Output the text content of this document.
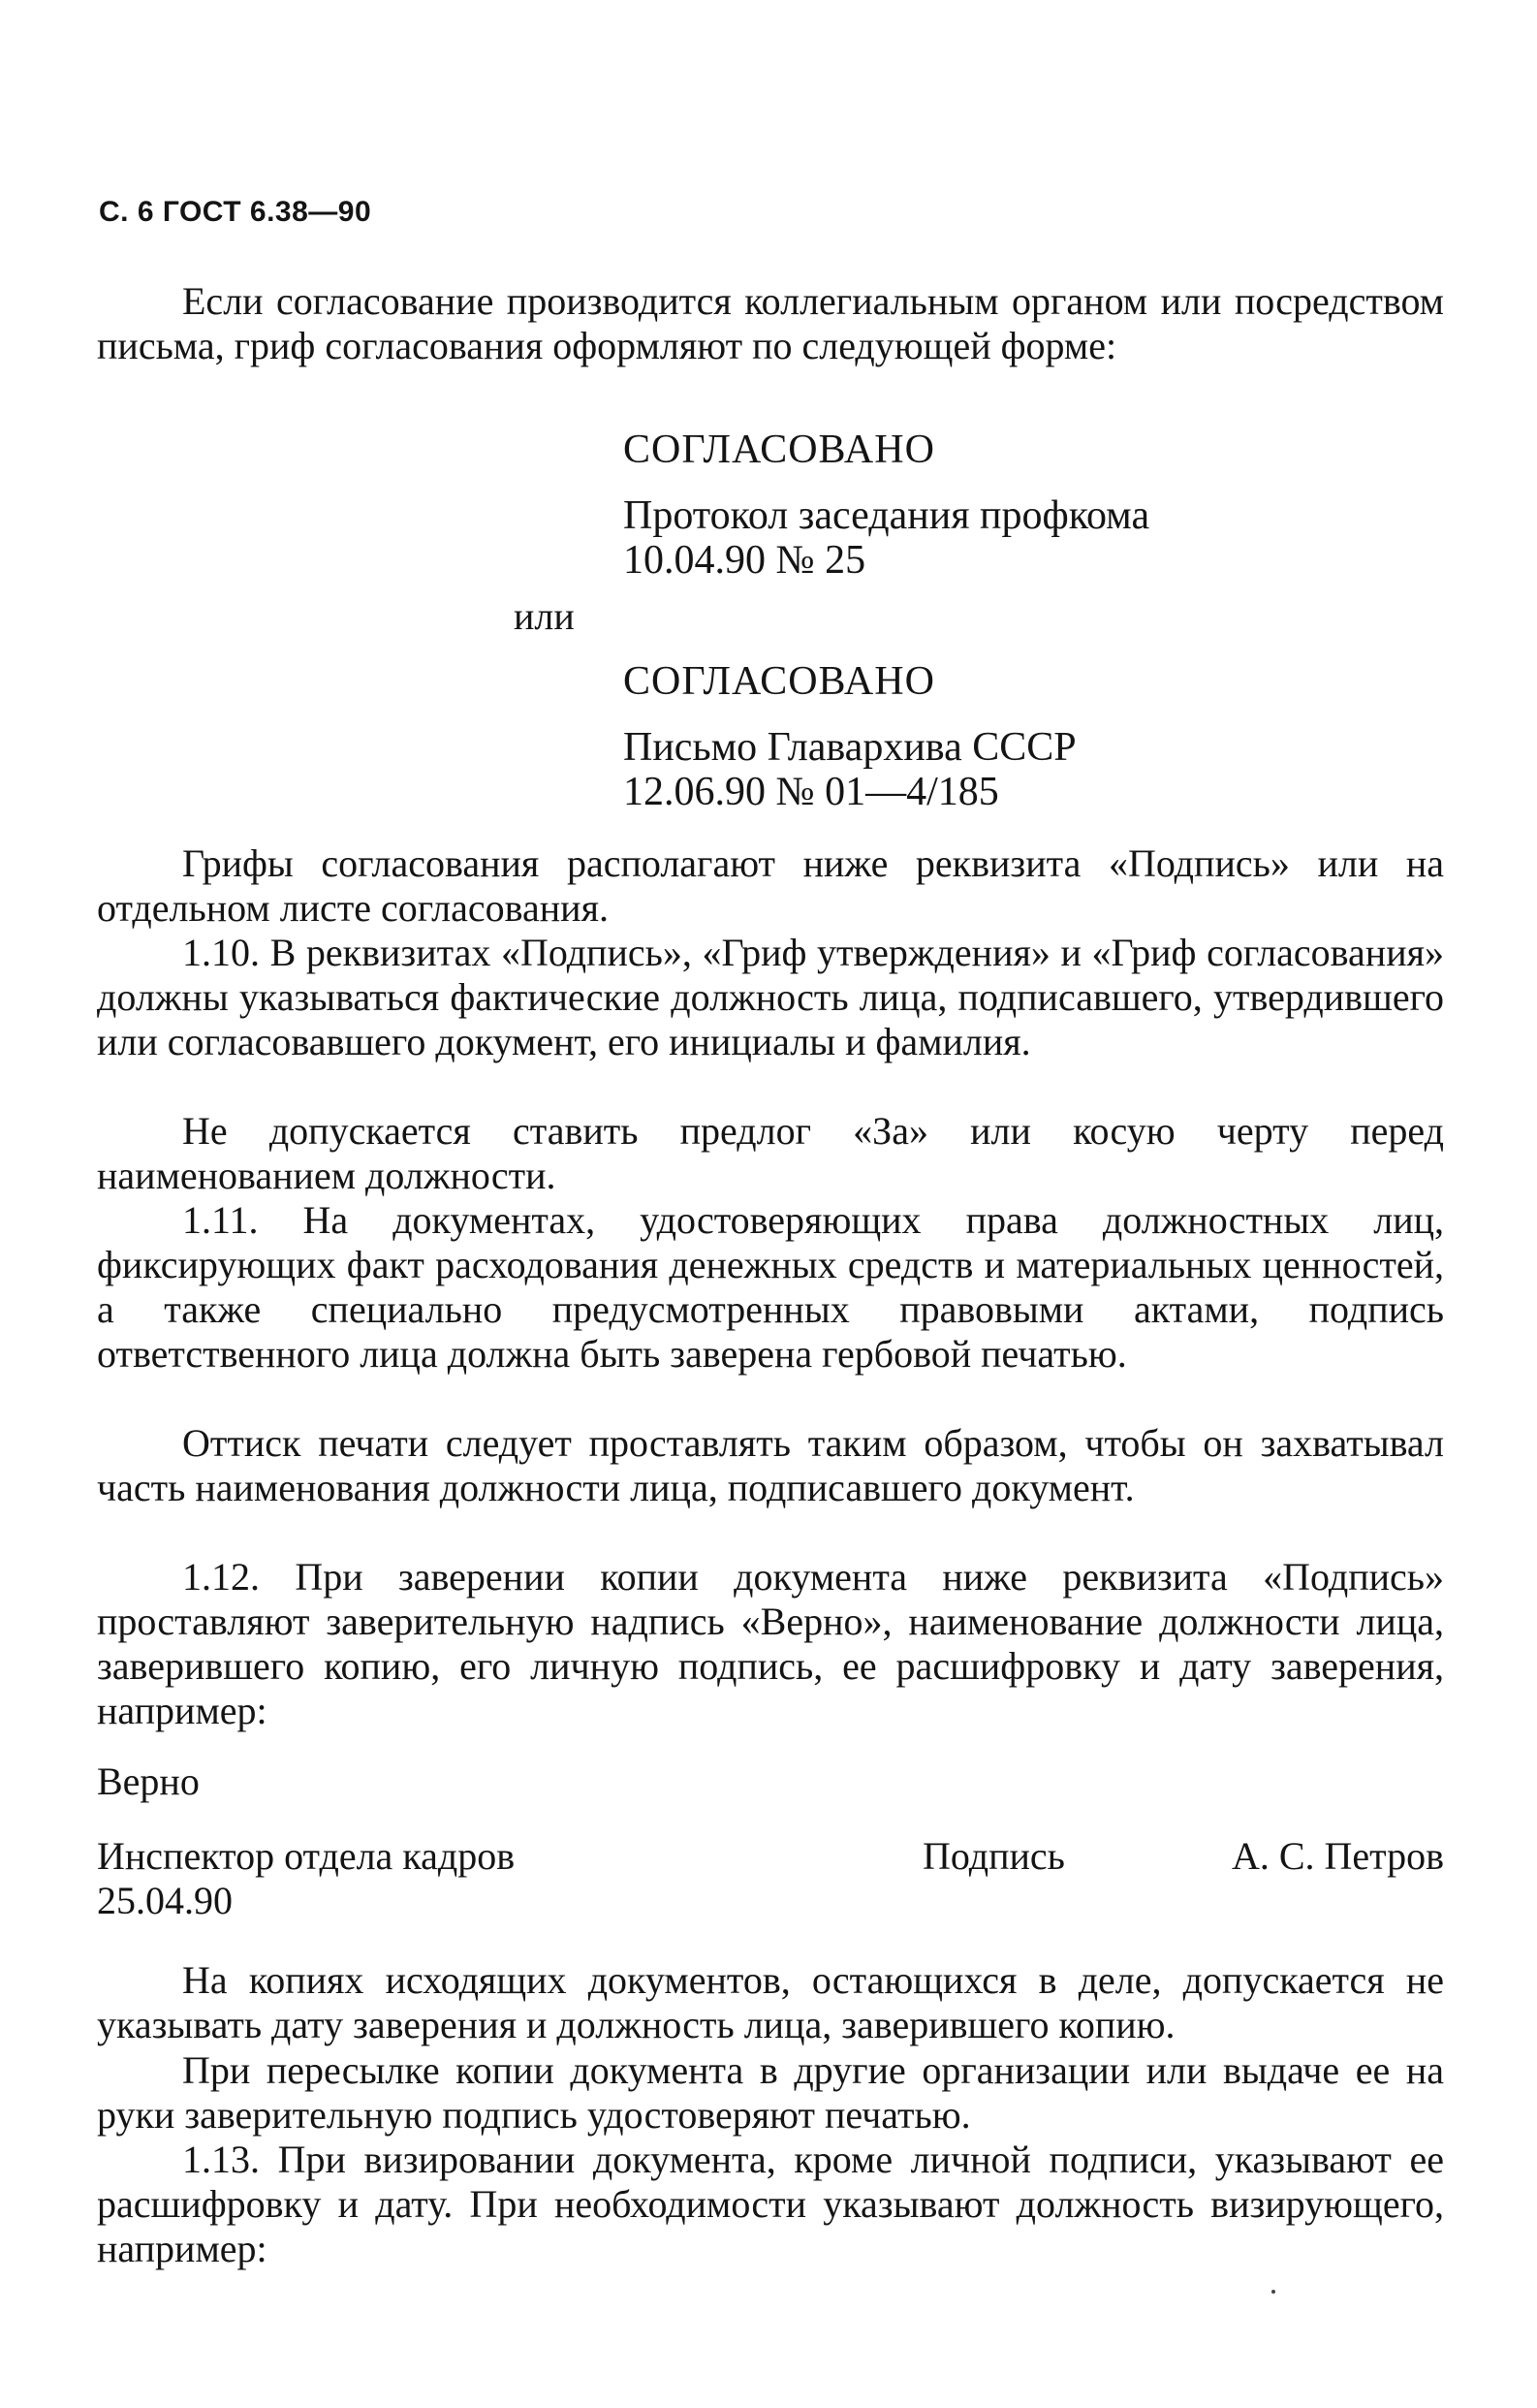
С. 6 ГОСТ 6.38—90
Если согласование производится коллегиальным органом или посредством письма, гриф согласования оформляют по следующей форме:
СОГЛАСОВАНО
Протокол заседания профкома
10.04.90 № 25
или
СОГЛАСОВАНО
Письмо Главархива СССР
12.06.90 № 01—4/185
Грифы согласования располагают ниже реквизита «Подпись» или на отдельном листе согласования.
1.10. В реквизитах «Подпись», «Гриф утверждения» и «Гриф согласования» должны указываться фактические должность лица, подписавшего, утвердившего или согласовавшего документ, его инициалы и фамилия.
Не допускается ставить предлог «За» или косую черту перед наименованием должности.
1.11. На документах, удостоверяющих права должностных лиц, фиксирующих факт расходования денежных средств и материальных ценностей, а также специально предусмотренных правовыми актами, подпись ответственного лица должна быть заверена гербовой печатью.
Оттиск печати следует проставлять таким образом, чтобы он захватывал часть наименования должности лица, подписавшего документ.
1.12. При заверении копии документа ниже реквизита «Подпись» проставляют заверительную надпись «Верно», наименование должности лица, заверившего копию, его личную подпись, ее расшифровку и дату заверения, например:
Верно
Инспектор отдела кадров	Подпись	А. С. Петров
25.04.90
На копиях исходящих документов, остающихся в деле, допускается не указывать дату заверения и должность лица, заверившего копию.
При пересылке копии документа в другие организации или выдаче ее на руки заверительную подпись удостоверяют печатью.
1.13. При визировании документа, кроме личной подписи, указывают ее расшифровку и дату. При необходимости указывают должность визирующего, например:
